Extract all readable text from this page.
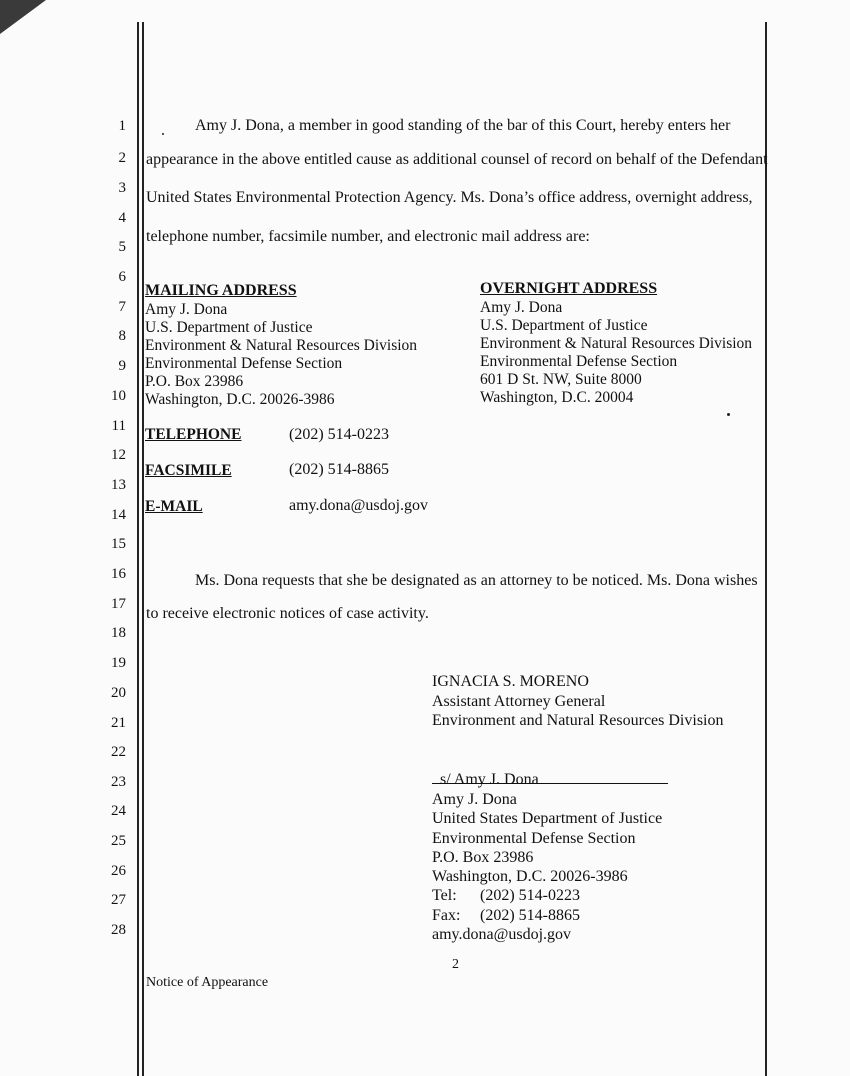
1
2
3
4
5
6
7
8
9
10
11
12
13
14
15
16
17
18
19
20
21
22
23
24
25
26
27
28
Amy J. Dona, a member in good standing of the bar of this Court, hereby enters her
appearance in the above entitled cause as additional counsel of record on behalf of the Defendant
United States Environmental Protection Agency. Ms. Dona’s office address, overnight address,
telephone number, facsimile number, and electronic mail address are:
MAILING ADDRESS
Amy J. Dona
U.S. Department of Justice
Environment & Natural Resources Division
Environmental Defense Section
P.O. Box 23986
Washington, D.C. 20026-3986
OVERNIGHT ADDRESS
Amy J. Dona
U.S. Department of Justice
Environment & Natural Resources Division
Environmental Defense Section
601 D St. NW, Suite 8000
Washington, D.C. 20004
TELEPHONE	(202) 514-0223
FACSIMILE	(202) 514-8865
E-MAIL	amy.dona@usdoj.gov
Ms. Dona requests that she be designated as an attorney to be noticed. Ms. Dona wishes
to receive electronic notices of case activity.
IGNACIA S. MORENO
Assistant Attorney General
Environment and Natural Resources Division
s/ Amy J. Dona
Amy J. Dona
United States Department of Justice
Environmental Defense Section
P.O. Box 23986
Washington, D.C. 20026-3986
Tel: (202) 514-0223
Fax: (202) 514-8865
amy.dona@usdoj.gov
2
Notice of Appearance
